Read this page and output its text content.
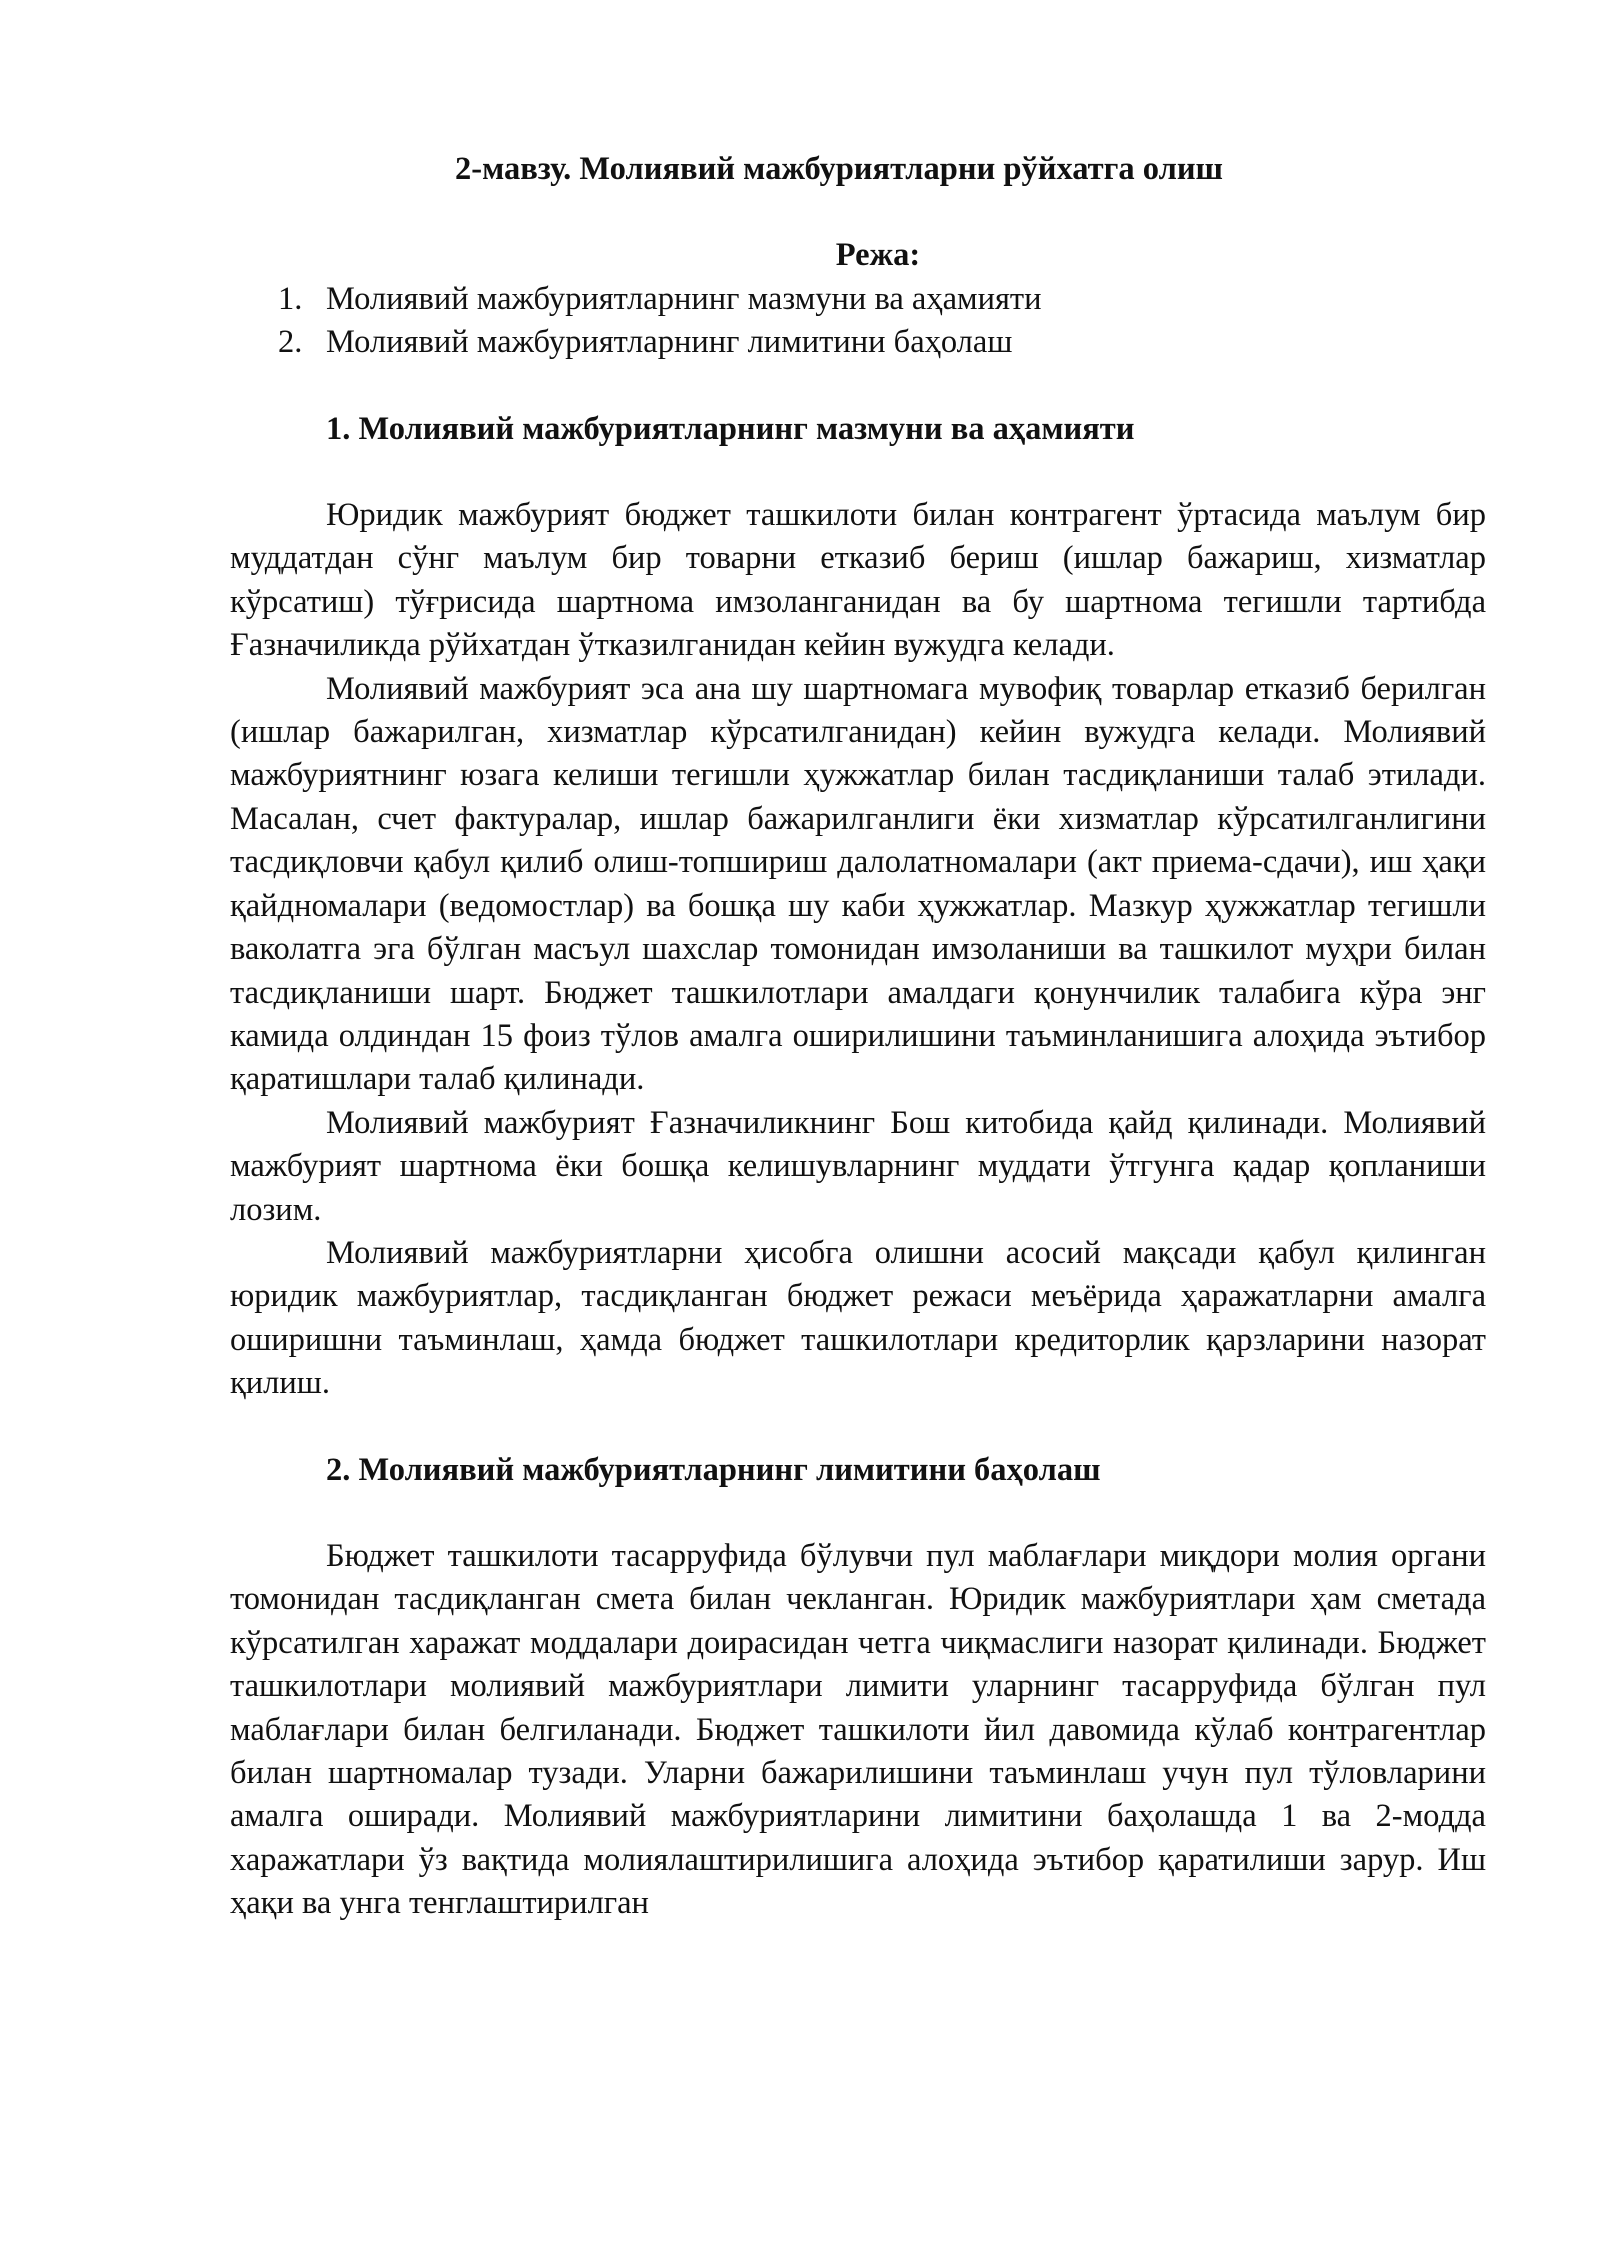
2-мавзу. Молиявий мажбуриятларни рўйхатга олиш
Режа:
1. Молиявий мажбуриятларнинг мазмуни ва аҳамияти
2. Молиявий мажбуриятларнинг лимитини баҳолаш
1. Молиявий мажбуриятларнинг мазмуни ва аҳамияти

Юридик мажбурият бюджет ташкилоти билан контрагент ўртасида маълум бир муддатдан сўнг маълум бир товарни етказиб бериш (ишлар бажариш, хизматлар кўрсатиш) тўғрисида шартнома имзоланганидан ва бу шартнома тегишли тартибда Ғазначиликда рўйхатдан ўтказилганидан кейин вужудга келади.

Молиявий мажбурият эса ана шу шартномага мувофиқ товарлар етказиб берилган (ишлар бажарилган, хизматлар кўрсатилганидан) кейин вужудга келади. Молиявий мажбуриятнинг юзага келиши тегишли ҳужжатлар билан тасдиқланиши талаб этилади. Масалан, счет фактуралар, ишлар бажарилганлиги ёки хизматлар кўрсатилганлигини тасдиқловчи қабул қилиб олиш-топшириш далолатномалари (акт приема-сдачи), иш ҳақи қайдномалари (ведомостлар) ва бошқа шу каби ҳужжатлар. Мазкур ҳужжатлар тегишли ваколатга эга бўлган масъул шахслар томонидан имзоланиши ва ташкилот муҳри билан тасдиқланиши шарт. Бюджет ташкилотлари амалдаги қонунчилик талабига кўра энг камида олдиндан 15 фоиз тўлов амалга оширилишини таъминланишига алоҳида эътибор қаратишлари талаб қилинади.

Молиявий мажбурият Ғазначиликнинг Бош китобида қайд қилинади. Молиявий мажбурият шартнома ёки бошқа келишувларнинг муддати ўтгунга қадар қопланиши лозим.

Молиявий мажбуриятларни ҳисобга олишни асосий мақсади қабул қилинган юридик мажбуриятлар, тасдиқланган бюджет режаси меъёрида ҳаражатларни амалга оширишни таъминлаш, ҳамда бюджет ташкилотлари кредиторлик қарзларини назорат қилиш.

2. Молиявий мажбуриятларнинг лимитини баҳолаш

Бюджет ташкилоти тасарруфида бўлувчи пул маблағлари миқдори молия органи томонидан тасдиқланган смета билан чекланган. Юридик мажбуриятлари ҳам сметада кўрсатилган харажат моддалари доирасидан четга чиқмаслиги назорат қилинади. Бюджет ташкилотлари молиявий мажбуриятлари лимити уларнинг тасарруфида бўлган пул маблағлари билан белгиланади. Бюджет ташкилоти йил давомида кўлаб контрагентлар билан шартномалар тузади. Уларни бажарилишини таъминлаш учун пул тўловларини амалга оширади. Молиявий мажбуриятларини лимитини баҳолашда 1 ва 2-модда харажатлари ўз вақтида молиялаштирилишига алоҳида эътибор қаратилиши зарур. Иш ҳақи ва унга тенглаштирилган
